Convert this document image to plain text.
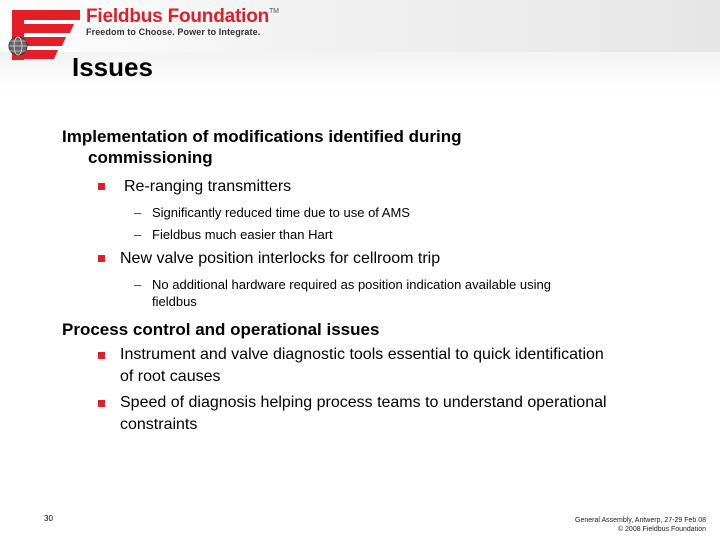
Fieldbus Foundation™
Freedom to Choose. Power to Integrate.
Issues
Implementation of modifications identified during
commissioning
Re-ranging transmitters
– Significantly reduced time due to use of AMS
– Fieldbus much easier than Hart
New valve position interlocks for cellroom trip
– No additional hardware required as position indication available using
fieldbus
Process control and operational issues
Instrument and valve diagnostic tools essential to quick identification
of root causes
Speed of diagnosis helping process teams to understand operational
constraints
30	General Assembly, Antwerp, 27-29 Feb 08
© 2008 Fieldbus Foundation
